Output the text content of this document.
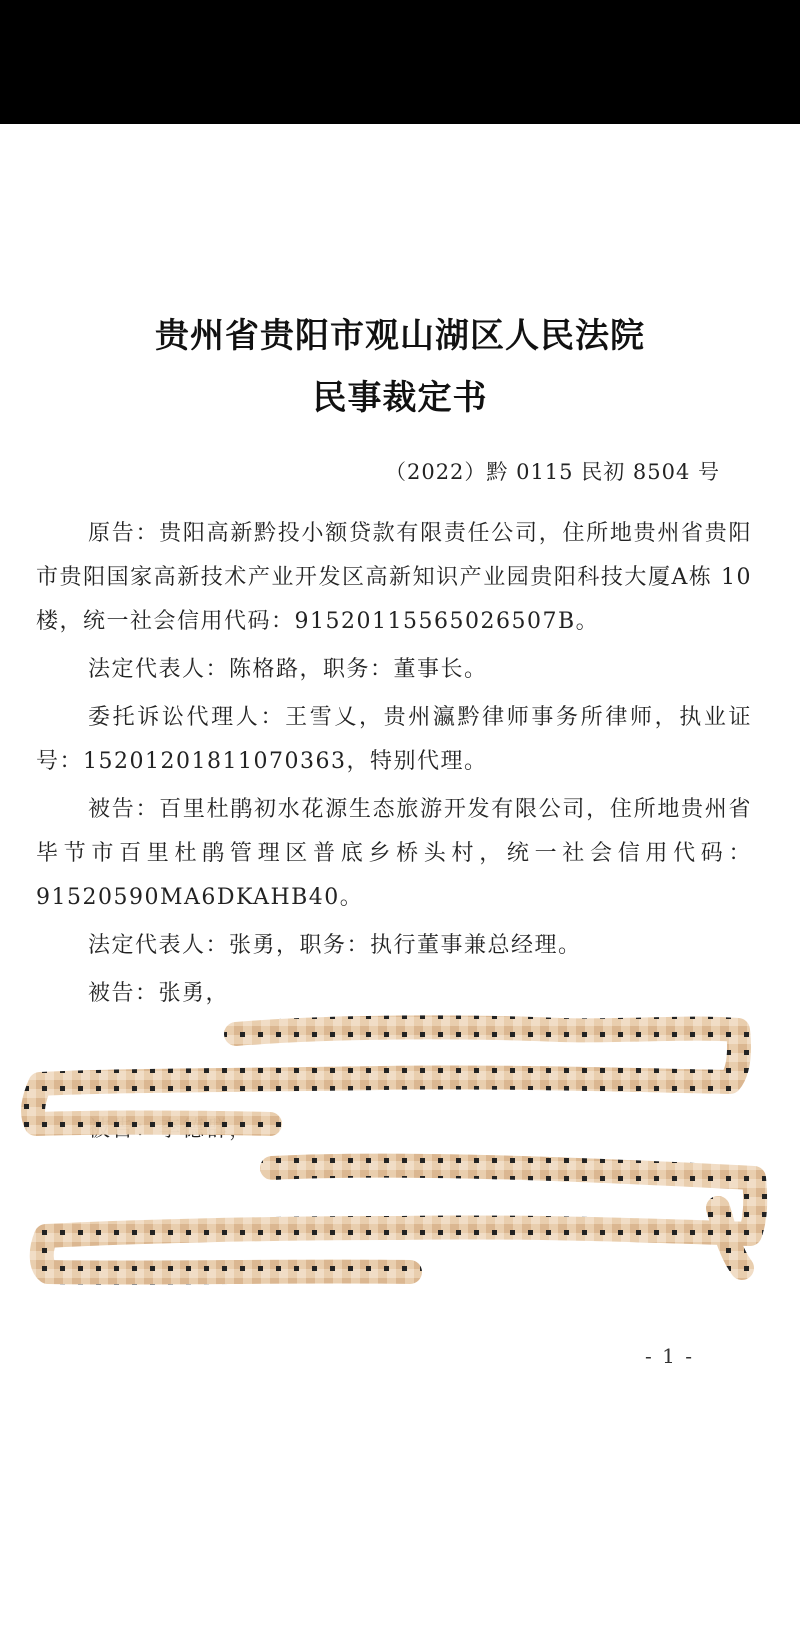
贵州省贵阳市观山湖区人民法院
民事裁定书
（2022）黔 0115 民初 8504 号

原告：贵阳高新黔投小额贷款有限责任公司，住所地贵州省贵阳市贵阳国家高新技术产业开发区高新知识产业园贵阳科技大厦A栋 10楼，统一社会信用代码：91520115565026507B。

法定代表人：陈格路，职务：董事长。

委托诉讼代理人：王雪乂，贵州瀛黔律师事务所律师，执业证号：15201201811070363，特别代理。

被告：百里杜鹃初水花源生态旅游开发有限公司，住所地贵州省毕节市百里杜鹃管理区普底乡桥头村，统一社会信用代码：91520590MA6DKAHB40。

法定代表人：张勇，职务：执行董事兼总经理。

被告：张勇，

被告：李德群，

- 1 -
